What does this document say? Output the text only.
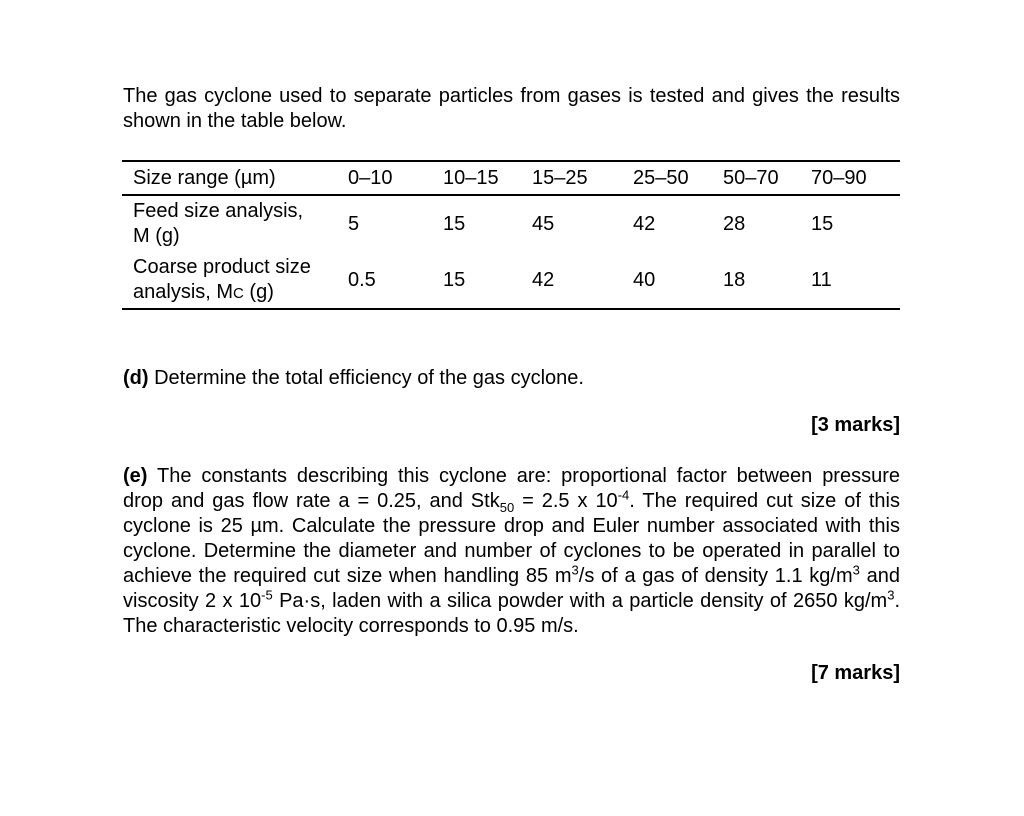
The gas cyclone used to separate particles from gases is tested and gives the results shown in the table below.

Size range (µm)	0–10	10–15	15–25	25–50	50–70	70–90
Feed size analysis,
M (g)	5	15	45	42	28	15
Coarse product size
analysis, MC (g)	0.5	15	42	40	18	11

(d) Determine the total efficiency of the gas cyclone.

[3 marks]

(e) The constants describing this cyclone are: proportional factor between pressure drop and gas flow rate a = 0.25, and Stk$_{50}$ = 2.5 x $10^{-4}$. The required cut size of this cyclone is 25 µm. Calculate the pressure drop and Euler number associated with this cyclone. Determine the diameter and number of cyclones to be operated in parallel to achieve the required cut size when handling 85 $m^3/s$ of a gas of density 1.1 $kg/m^3$ and viscosity 2 x $10^{-5}$ Pa·s, laden with a silica powder with a particle density of 2650 $kg/m^3$. The characteristic velocity corresponds to 0.95 m/s.

[7 marks]
